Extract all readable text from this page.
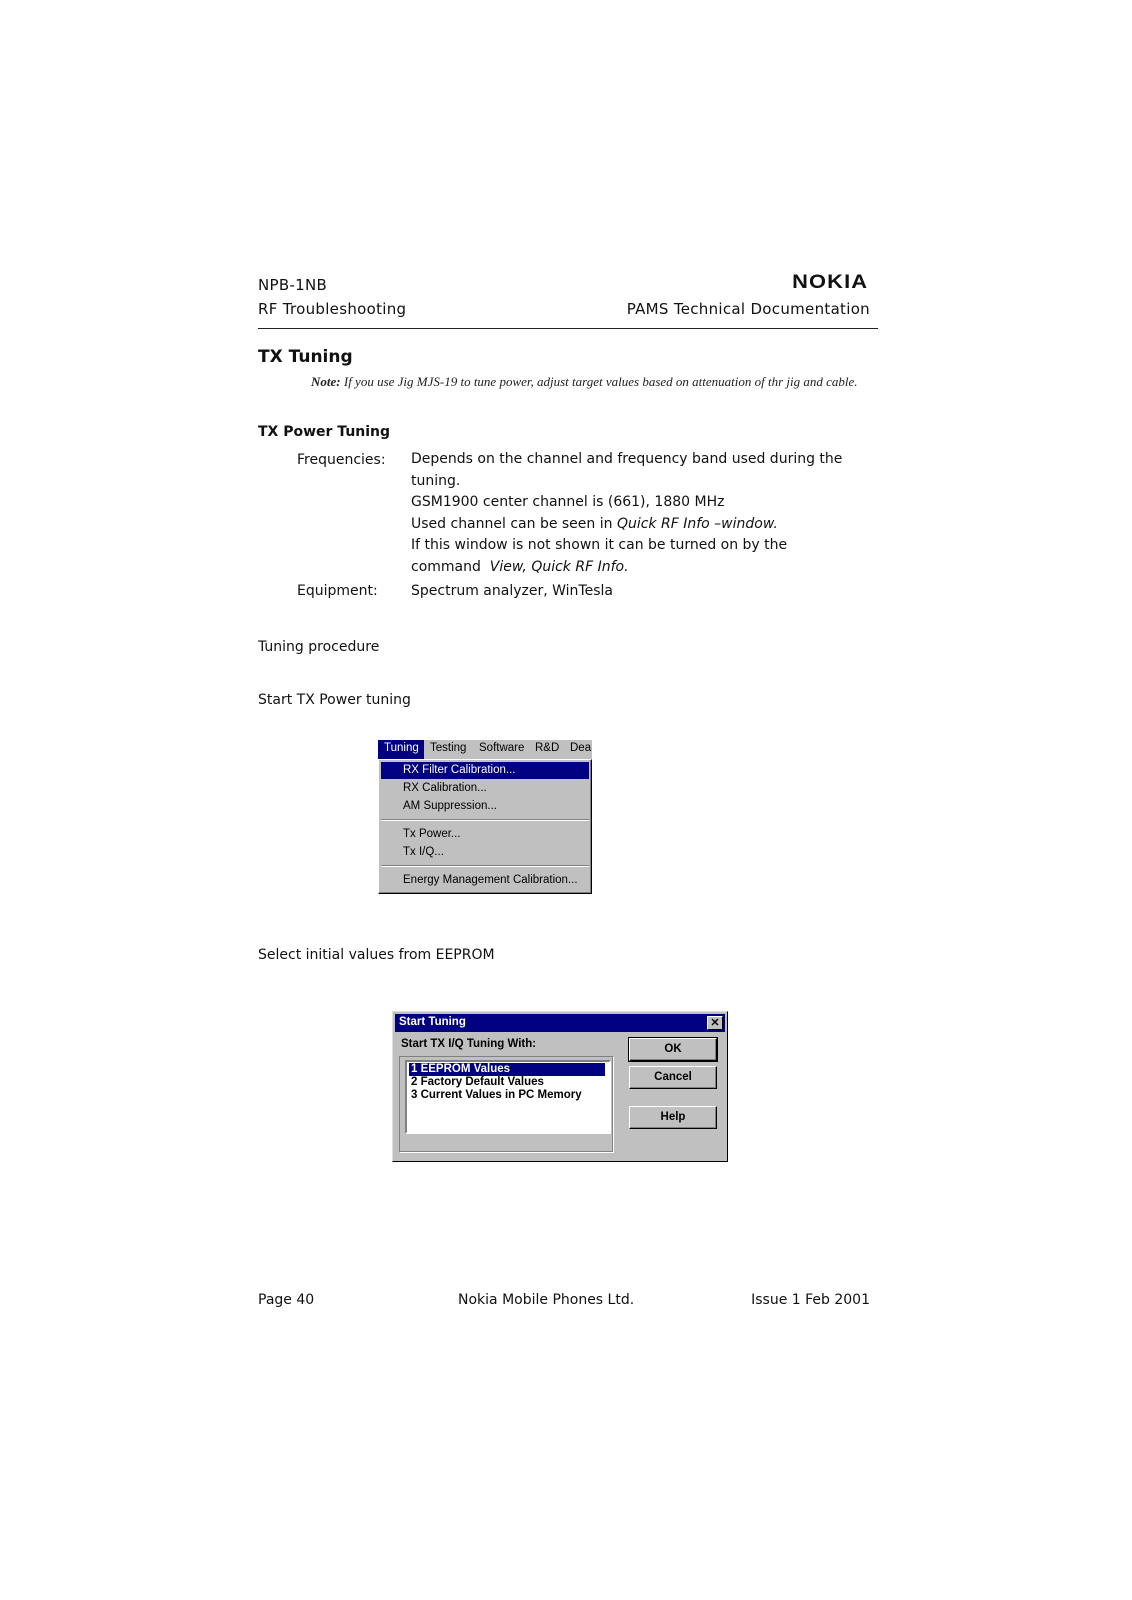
NPB-1NB	NOKIA
RF Troubleshooting	PAMS Technical Documentation
TX Tuning
Note: If you use Jig MJS-19 to tune power, adjust target values based on attenuation of thr jig and cable.
TX Power Tuning
Frequencies: Depends on the channel and frequency band used during the tuning.
GSM1900 center channel is (661), 1880 MHz
Used channel can be seen in Quick RF Info –window.
If this window is not shown it can be turned on by the
command  View, Quick RF Info.
Equipment: Spectrum analyzer, WinTesla
Tuning procedure
Start TX Power tuning
Tuning Testing Software R&D Dea
RX Filter Calibration...
RX Calibration...
AM Suppression...
Tx Power...
Tx I/Q...
Energy Management Calibration...
Select initial values from EEPROM
Start Tuning	✕
Start TX I/Q Tuning With:
1 EEPROM Values
2 Factory Default Values
3 Current Values in PC Memory
OK
Cancel
Help
Page 40	Nokia Mobile Phones Ltd.	Issue 1 Feb 2001
